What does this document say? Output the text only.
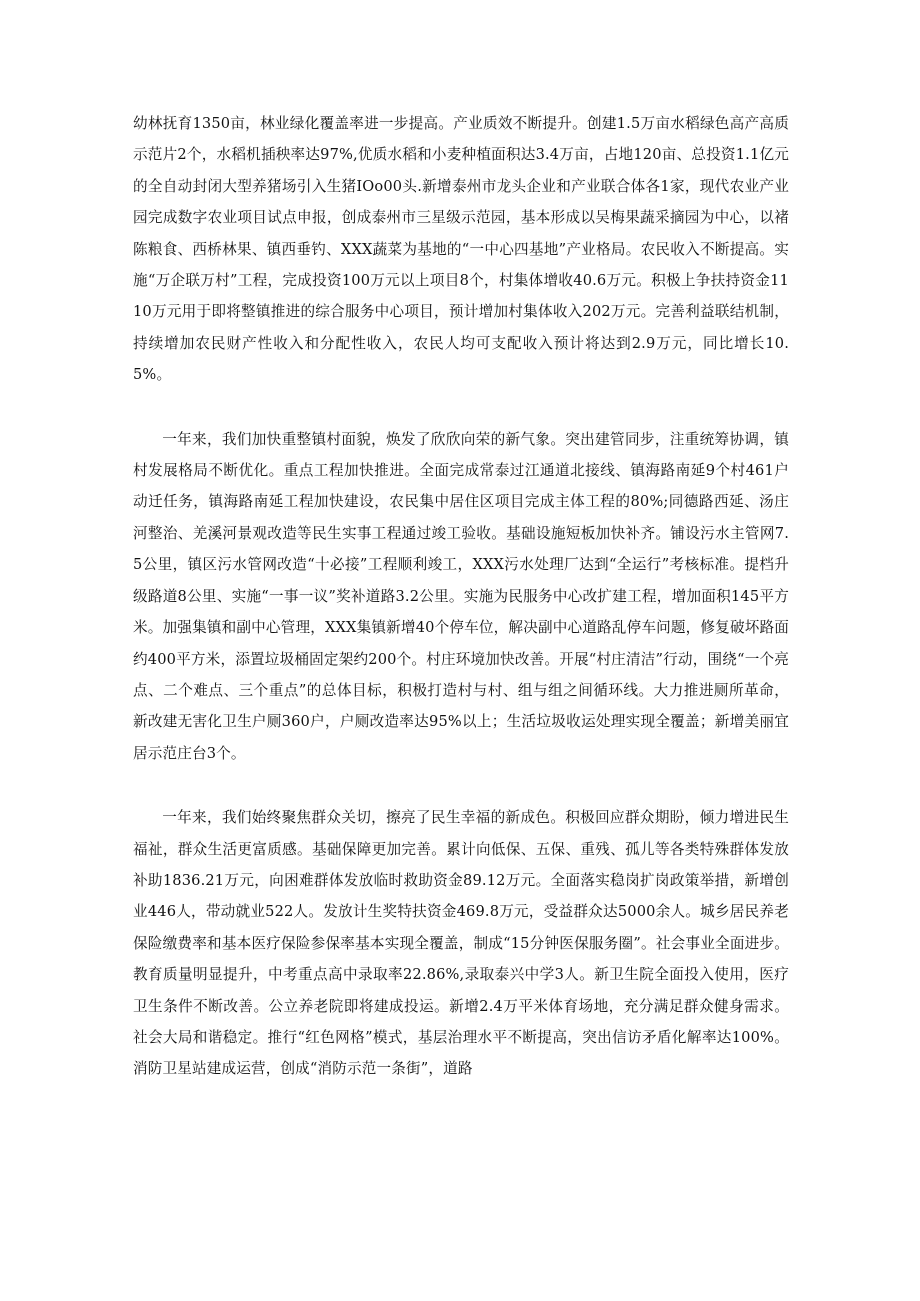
幼林抚育1350亩，林业绿化覆盖率进一步提高。产业质效不断提升。创建1.5万亩水稻绿色高产高质示范片2个，水稻机插秧率达97%,优质水稻和小麦种植面积达3.4万亩，占地120亩、总投资1.1亿元的全自动封闭大型养猪场引入生猪IOo00头.新增泰州市龙头企业和产业联合体各1家，现代农业产业园完成数字农业项目试点申报，创成泰州市三星级示范园，基本形成以吴梅果蔬采摘园为中心，以褚陈粮食、西桥林果、镇西垂钓、XXX蔬菜为基地的“一中心四基地”产业格局。农民收入不断提高。实施“万企联万村”工程，完成投资100万元以上项目8个，村集体增收40.6万元。积极上争扶持资金1110万元用于即将整镇推进的综合服务中心项目，预计增加村集体收入202万元。完善利益联结机制，持续增加农民财产性收入和分配性收入，农民人均可支配收入预计将达到2.9万元，同比增长10.5%。

一年来，我们加快重整镇村面貌，焕发了欣欣向荣的新气象。突出建管同步，注重统筹协调，镇村发展格局不断优化。重点工程加快推进。全面完成常泰过江通道北接线、镇海路南延9个村461户动迁任务，镇海路南延工程加快建设，农民集中居住区项目完成主体工程的80%;同德路西延、汤庄河整治、羌溪河景观改造等民生实事工程通过竣工验收。基础设施短板加快补齐。铺设污水主管网7.5公里，镇区污水管网改造“十必接”工程顺利竣工，XXX污水处理厂达到“全运行”考核标准。提档升级路道8公里、实施“一事一议”奖补道路3.2公里。实施为民服务中心改扩建工程，增加面积145平方米。加强集镇和副中心管理，XXX集镇新增40个停车位，解决副中心道路乱停车问题，修复破坏路面约400平方米，添置垃圾桶固定架约200个。村庄环境加快改善。开展“村庄清洁”行动，围绕“一个亮点、二个难点、三个重点”的总体目标，积极打造村与村、组与组之间循环线。大力推进厕所革命，新改建无害化卫生户厕360户，户厕改造率达95%以上；生活垃圾收运处理实现全覆盖；新增美丽宜居示范庄台3个。

一年来，我们始终聚焦群众关切，擦亮了民生幸福的新成色。积极回应群众期盼，倾力增进民生福祉，群众生活更富质感。基础保障更加完善。累计向低保、五保、重残、孤儿等各类特殊群体发放补助1836.21万元，向困难群体发放临时救助资金89.12万元。全面落实稳岗扩岗政策举措，新增创业446人，带动就业522人。发放计生奖特扶资金469.8万元，受益群众达5000余人。城乡居民养老保险缴费率和基本医疗保险参保率基本实现全覆盖，制成“15分钟医保服务圈”。社会事业全面进步。教育质量明显提升，中考重点高中录取率22.86%,录取泰兴中学3人。新卫生院全面投入使用，医疗卫生条件不断改善。公立养老院即将建成投运。新增2.4万平米体育场地，充分满足群众健身需求。社会大局和谐稳定。推行“红色网格”模式，基层治理水平不断提高，突出信访矛盾化解率达100%。消防卫星站建成运营，创成“消防示范一条街”，道路
